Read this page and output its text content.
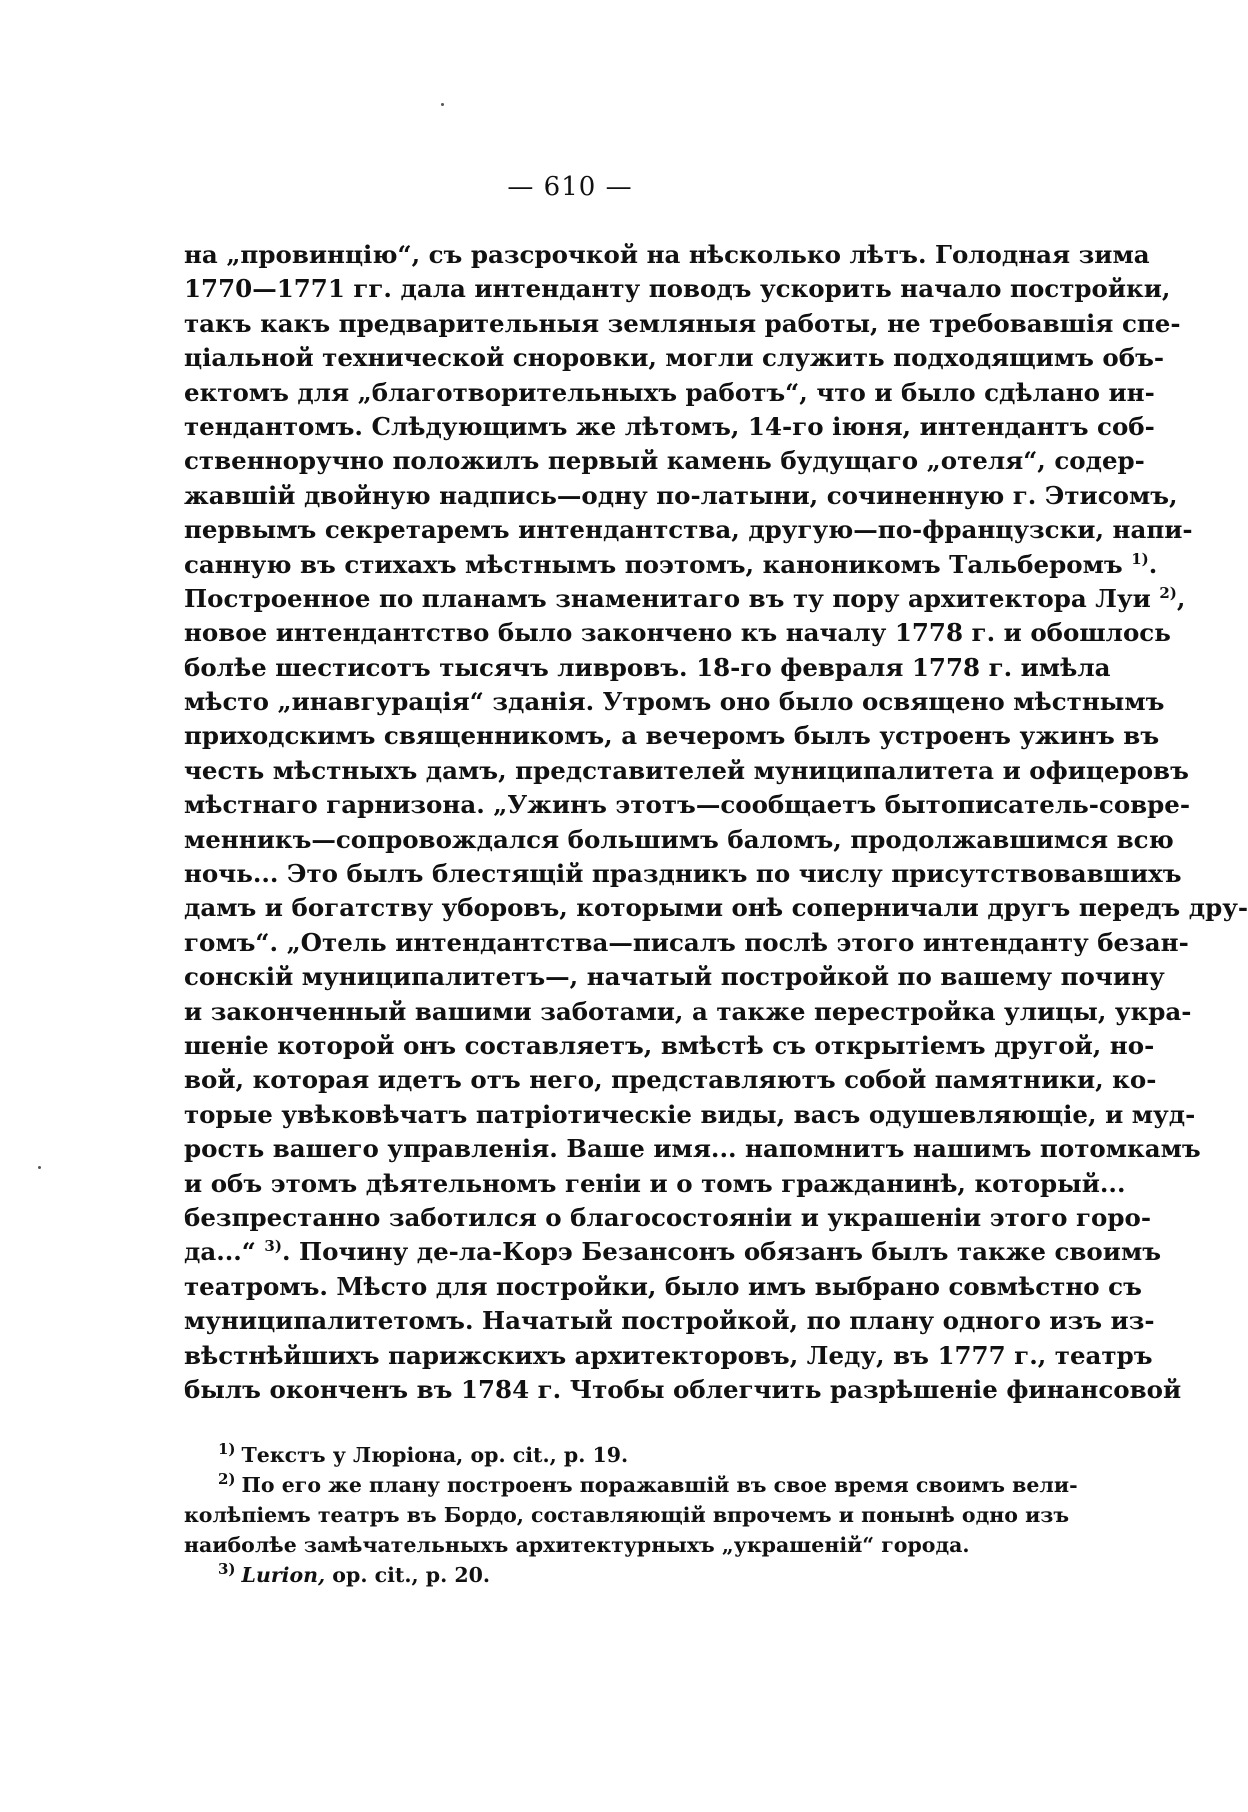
— 610 —
на „провинцію“, съ разсрочкой на нѣсколько лѣтъ. Голодная зима
1770—1771 гг. дала интенданту поводъ ускорить начало постройки,
такъ какъ предварительныя земляныя работы, не требовавшія спе-
ціальной технической сноровки, могли служить подходящимъ объ-
ектомъ для „благотворительныхъ работъ“, что и было сдѣлано ин-
тендантомъ. Слѣдующимъ же лѣтомъ, 14-го іюня, интендантъ соб-
ственноручно положилъ первый камень будущаго „отеля“, содер-
жавшій двойную надпись—одну по-латыни, сочиненную г. Этисомъ,
первымъ секретаремъ интендантства, другую—по-французски, напи-
санную въ стихахъ мѣстнымъ поэтомъ, каноникомъ Тальберомъ $^{1)}$.
Построенное по планамъ знаменитаго въ ту пору архитектора Луи $^{2)}$,
новое интендантство было закончено къ началу 1778 г. и обошлось
болѣе шестисотъ тысячъ ливровъ. 18-го февраля 1778 г. имѣла
мѣсто „инавгурація“ зданія. Утромъ оно было освящено мѣстнымъ
приходскимъ священникомъ, а вечеромъ былъ устроенъ ужинъ въ
честь мѣстныхъ дамъ, представителей муниципалитета и офицеровъ
мѣстнаго гарнизона. „Ужинъ этотъ—сообщаетъ бытописатель-совре-
менникъ—сопровождался большимъ баломъ, продолжавшимся всю
ночь... Это былъ блестящій праздникъ по числу присутствовавшихъ
дамъ и богатству уборовъ, которыми онѣ соперничали другъ передъ дру-
гомъ“. „Отель интендантства—писалъ послѣ этого интенданту безан-
сонскій муниципалитетъ—, начатый постройкой по вашему почину
и законченный вашими заботами, а также перестройка улицы, укра-
шеніе которой онъ составляетъ, вмѣстѣ съ открытіемъ другой, но-
вой, которая идетъ отъ него, представляютъ собой памятники, ко-
торые увѣковѣчатъ патріотическіе виды, васъ одушевляющіе, и муд-
рость вашего управленія. Ваше имя... напомнитъ нашимъ потомкамъ
и объ этомъ дѣятельномъ геніи и о томъ гражданинѣ, который...
безпрестанно заботился о благосостояніи и украшеніи этого горо-
да...“ $^{3)}$. Почину де-ла-Корэ Безансонъ обязанъ былъ также своимъ
театромъ. Мѣсто для постройки, было имъ выбрано совмѣстно съ
муниципалитетомъ. Начатый постройкой, по плану одного изъ из-
вѣстнѣйшихъ парижскихъ архитекторовъ, Леду, въ 1777 г., театръ
былъ оконченъ въ 1784 г. Чтобы облегчить разрѣшеніе финансовой
$^{1)}$ Текстъ у Люріона, op. cit., p. 19.
$^{2)}$ По его же плану построенъ поражавшій въ свое время своимъ вели-
колѣпіемъ театръ въ Бордо, составляющій впрочемъ и понынѣ одно изъ
наиболѣе замѣчательныхъ архитектурныхъ „украшеній“ города.
$^{3)}$ Lurion, op. cit., p. 20.
